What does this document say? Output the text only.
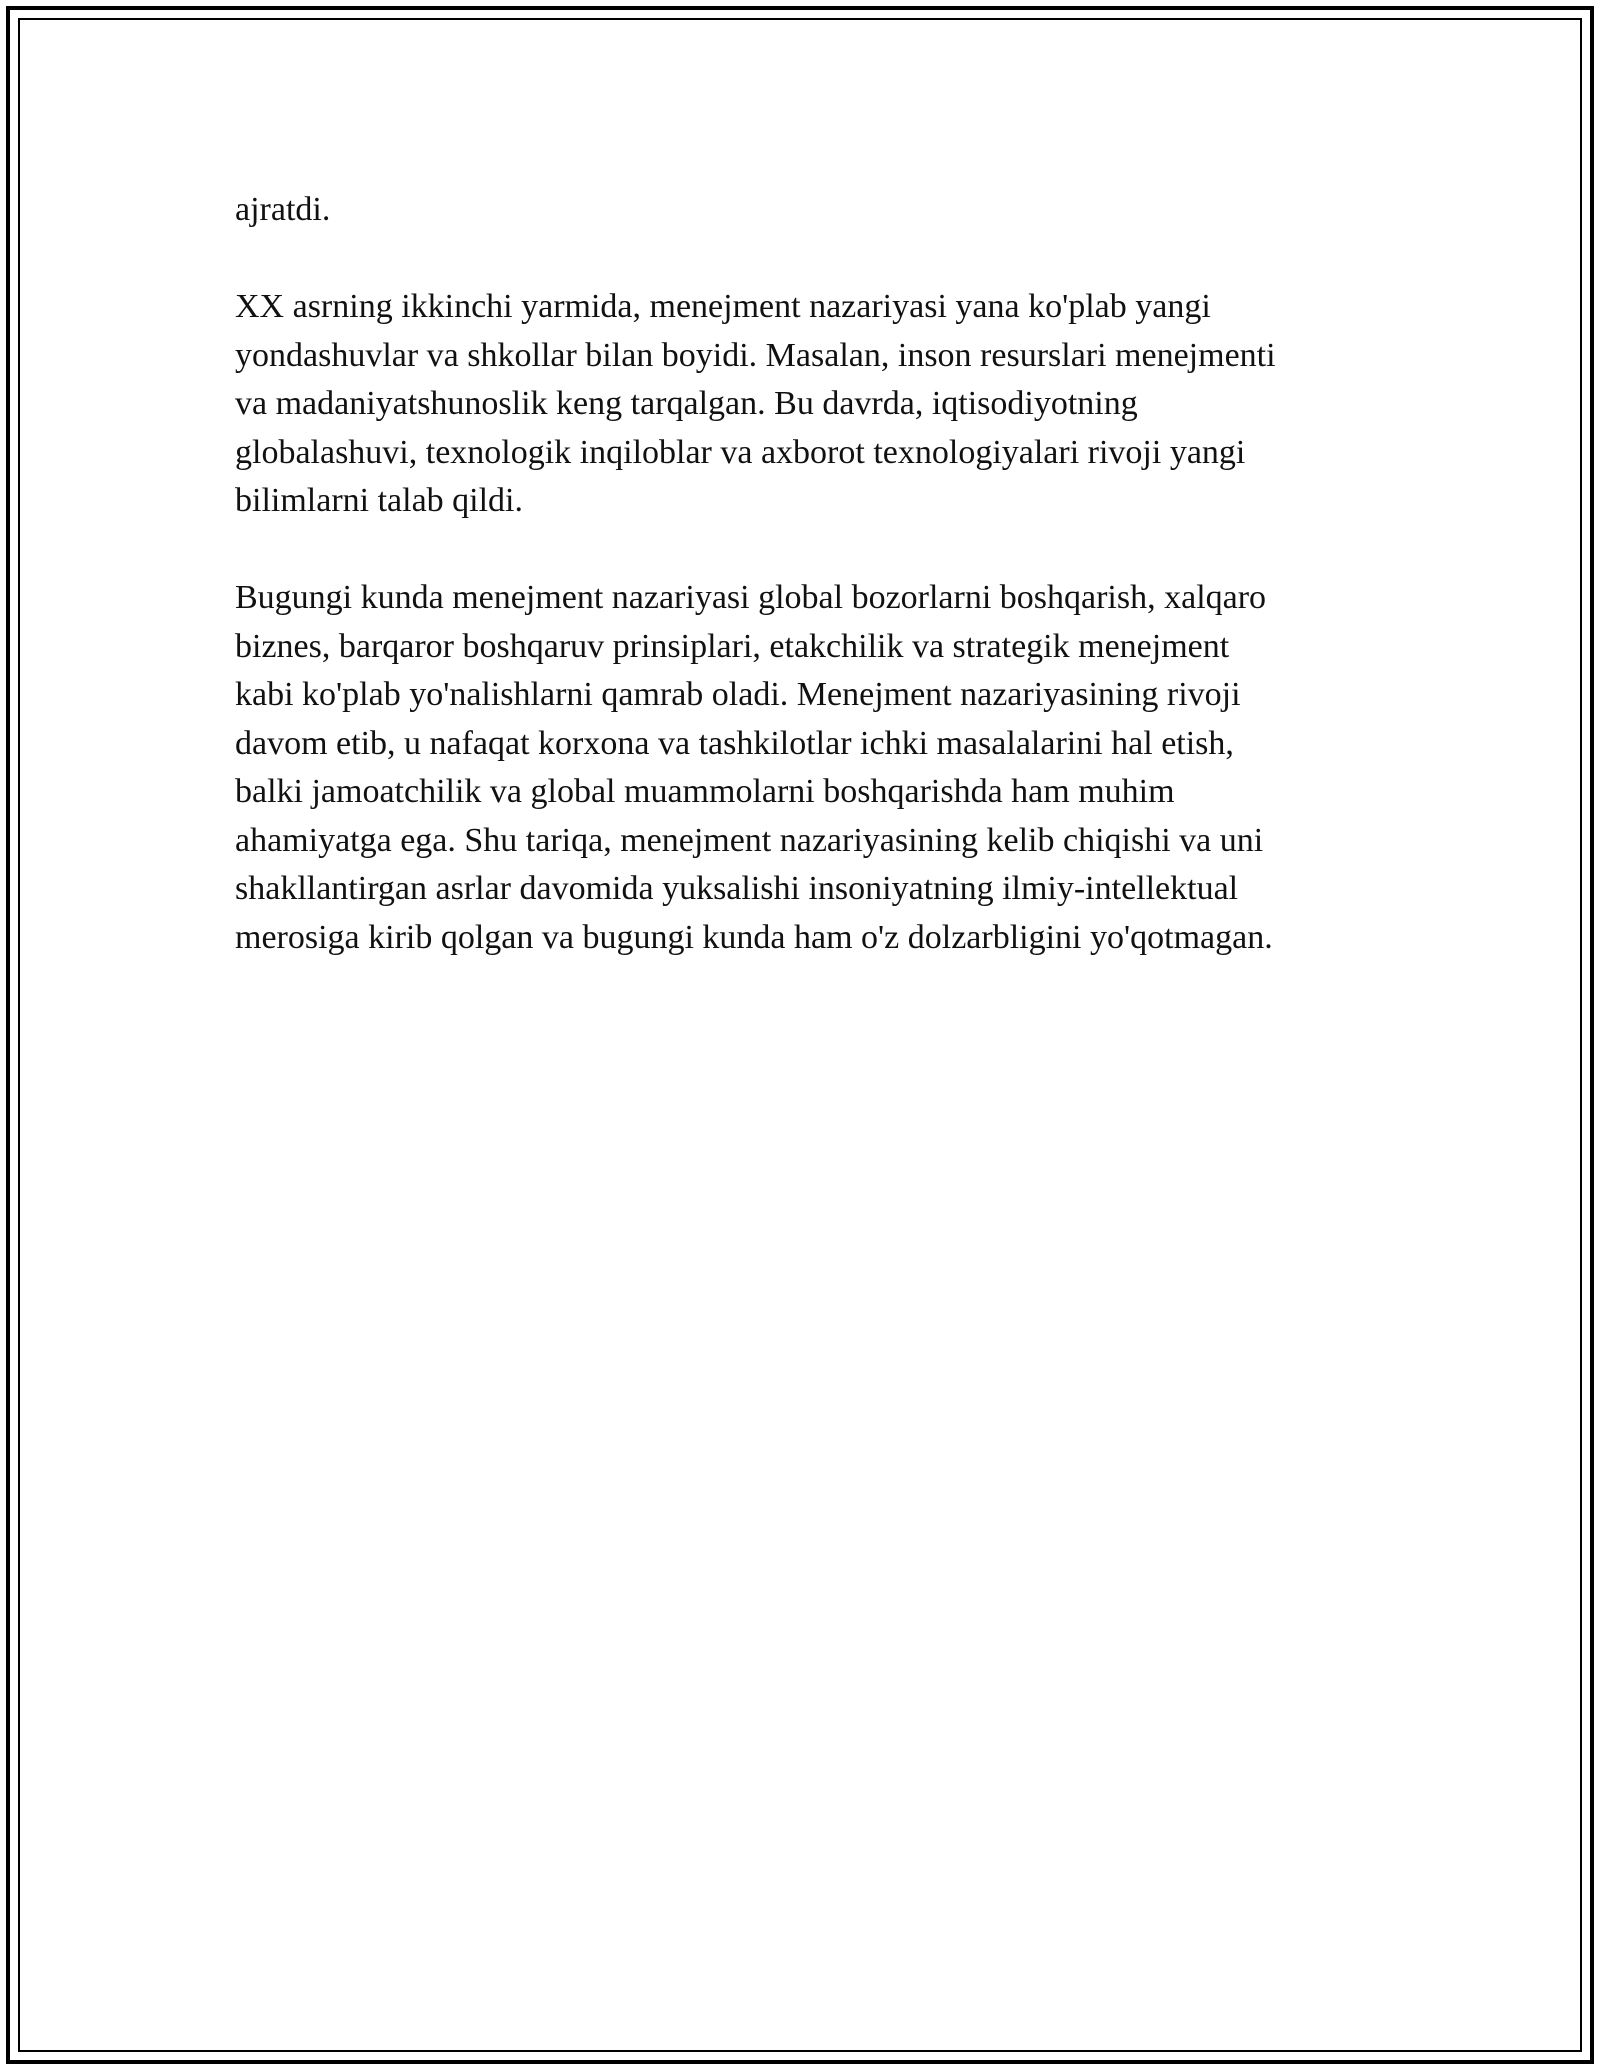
ajratdi.

XX asrning ikkinchi yarmida, menejment nazariyasi yana ko'plab yangi
yondashuvlar va shkollar bilan boyidi. Masalan, inson resurslari menejmenti
va madaniyatshunoslik keng tarqalgan. Bu davrda, iqtisodiyotning
globalashuvi, texnologik inqiloblar va axborot texnologiyalari rivoji yangi
bilimlarni talab qildi.

Bugungi kunda menejment nazariyasi global bozorlarni boshqarish, xalqaro
biznes, barqaror boshqaruv prinsiplari, etakchilik va strategik menejment
kabi ko'plab yo'nalishlarni qamrab oladi. Menejment nazariyasining rivoji
davom etib, u nafaqat korxona va tashkilotlar ichki masalalarini hal etish,
balki jamoatchilik va global muammolarni boshqarishda ham muhim
ahamiyatga ega. Shu tariqa, menejment nazariyasining kelib chiqishi va uni
shakllantirgan asrlar davomida yuksalishi insoniyatning ilmiy-intellektual
merosiga kirib qolgan va bugungi kunda ham o'z dolzarbligini yo'qotmagan.
